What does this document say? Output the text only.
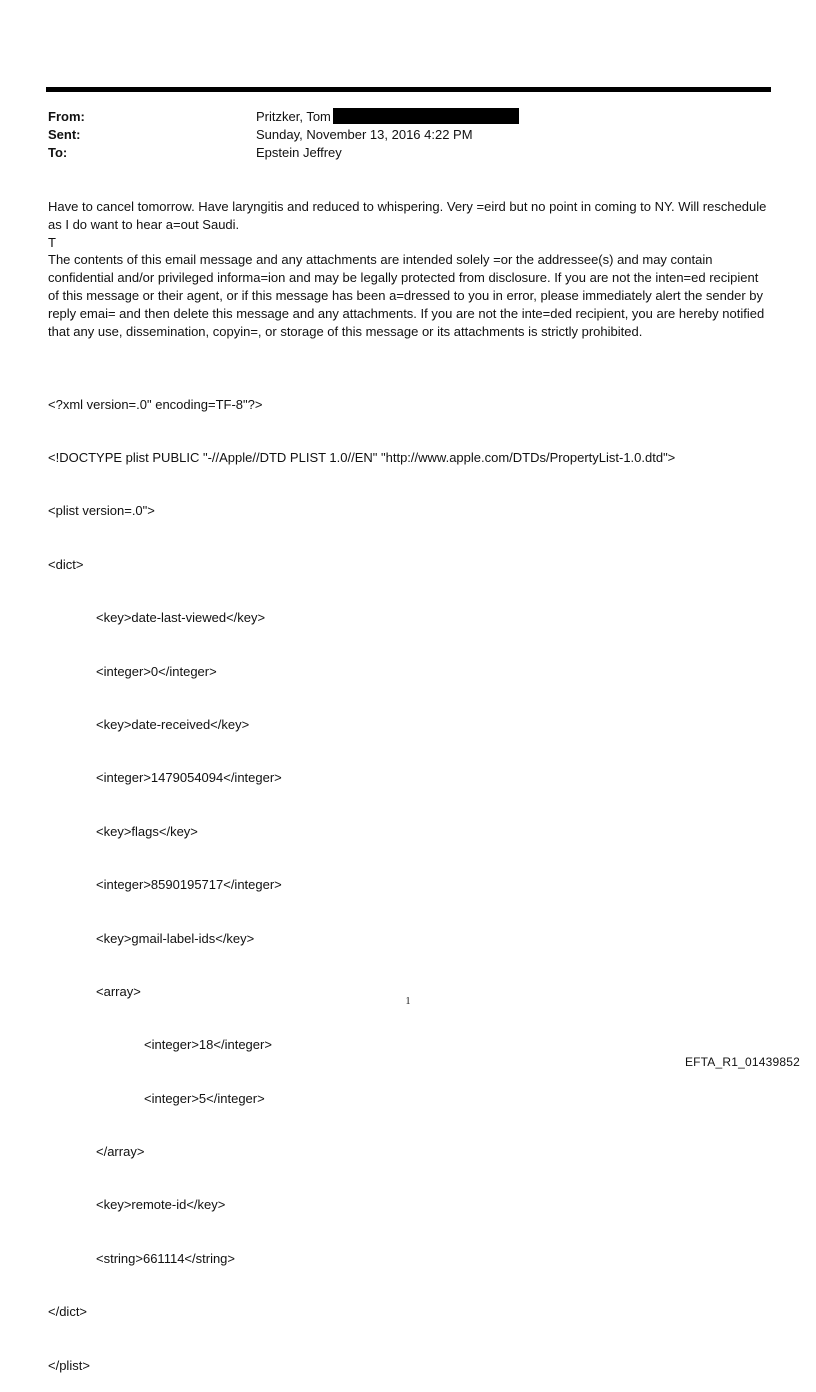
From:	Pritzker, Tom
Sent:	Sunday, November 13, 2016 4:22 PM
To:	Epstein Jeffrey

Have to cancel tomorrow. Have laryngitis and reduced to whispering. Very =eird but no point in coming to NY. Will reschedule as I do want to hear a=out Saudi.

T

The contents of this email message and any attachments are intended solely =or the addressee(s) and may contain confidential and/or privileged informa=ion and may be legally protected from disclosure. If you are not the inten=ed recipient of this message or their agent, or if this message has been a=dressed to you in error, please immediately alert the sender by reply emai= and then delete this message and any attachments. If you are not the inte=ded recipient, you are hereby notified that any use, dissemination, copyin=, or storage of this message or its attachments is strictly prohibited.

<?xml version=.0" encoding=TF-8"?>

<!DOCTYPE plist PUBLIC "-//Apple//DTD PLIST 1.0//EN" "http://www.apple.com/DTDs/PropertyList-1.0.dtd">

<plist version=.0">

<dict>

<key>date-last-viewed</key>

<integer>0</integer>

<key>date-received</key>

<integer>1479054094</integer>

<key>flags</key>

<integer>8590195717</integer>

<key>gmail-label-ids</key>

<array>

<integer>18</integer>

<integer>5</integer>

</array>

<key>remote-id</key>

<string>661114</string>

</dict>

</plist>

1
EFTA_R1_01439852
